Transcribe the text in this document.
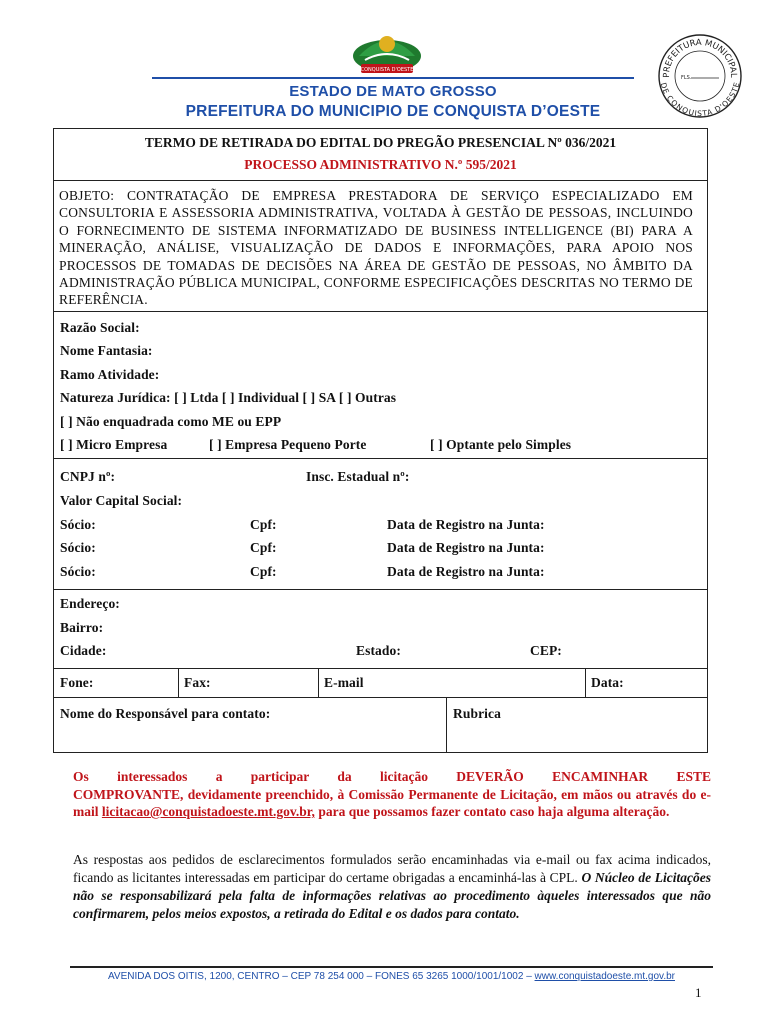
CONQUISTA D'OESTE
PREFEITURA MUNICIPAL
DE CONQUISTA D'OESTE
FLS.
ESTADO DE MATO GROSSO
PREFEITURA DO MUNICIPIO DE CONQUISTA D’OESTE
TERMO DE RETIRADA DO EDITAL DO PREGÃO PRESENCIAL Nº 036/2021
PROCESSO ADMINISTRATIVO N.º 595/2021
OBJETO: CONTRATAÇÃO DE EMPRESA PRESTADORA DE SERVIÇO ESPECIALIZADO EM CONSULTORIA E ASSESSORIA ADMINISTRATIVA, VOLTADA À GESTÃO DE PESSOAS, INCLUINDO O FORNECIMENTO DE SISTEMA INFORMATIZADO DE BUSINESS INTELLIGENCE (BI) PARA A MINERAÇÃO, ANÁLISE, VISUALIZAÇÃO DE DADOS E INFORMAÇÕES, PARA APOIO NOS PROCESSOS DE TOMADAS DE DECISÕES NA ÁREA DE GESTÃO DE PESSOAS, NO ÂMBITO DA ADMINISTRAÇÃO PÚBLICA MUNICIPAL, CONFORME ESPECIFICAÇÕES DESCRITAS NO TERMO DE REFERÊNCIA.
Razão Social:
Nome Fantasia:
Ramo Atividade:
Natureza Jurídica: [ ] Ltda [ ] Individual [ ] SA [ ] Outras
[ ] Não enquadrada como ME ou EPP
[ ] Micro Empresa	[ ] Empresa Pequeno Porte	[ ] Optante pelo Simples
CNPJ nº:	Insc. Estadual nº:
Valor Capital Social:
Sócio:	Cpf:	Data de Registro na Junta:
Sócio:	Cpf:	Data de Registro na Junta:
Sócio:	Cpf:	Data de Registro na Junta:
Endereço:
Bairro:
Cidade:	Estado:	CEP:
Fone:	Fax:	E-mail	Data:
Nome do Responsável para contato:	Rubrica
Os interessados a participar da licitação DEVERÃO ENCAMINHAR ESTE
COMPROVANTE, devidamente preenchido, à Comissão Permanente de Licitação, em mãos ou através do e-mail licitacao@conquistadoeste.mt.gov.br, para que possamos fazer contato caso haja alguma alteração.
As respostas aos pedidos de esclarecimentos formulados serão encaminhadas via e-mail ou fax acima indicados, ficando as licitantes interessadas em participar do certame obrigadas a encaminhá-las à CPL. O Núcleo de Licitações não se responsabilizará pela falta de informações relativas ao procedimento àqueles interessados que não confirmarem, pelos meios expostos, a retirada do Edital e os dados para contato.
AVENIDA DOS OITIS, 1200, CENTRO – CEP 78 254 000 – FONES 65 3265 1000/1001/1002 – www.conquistadoeste.mt.gov.br
1
